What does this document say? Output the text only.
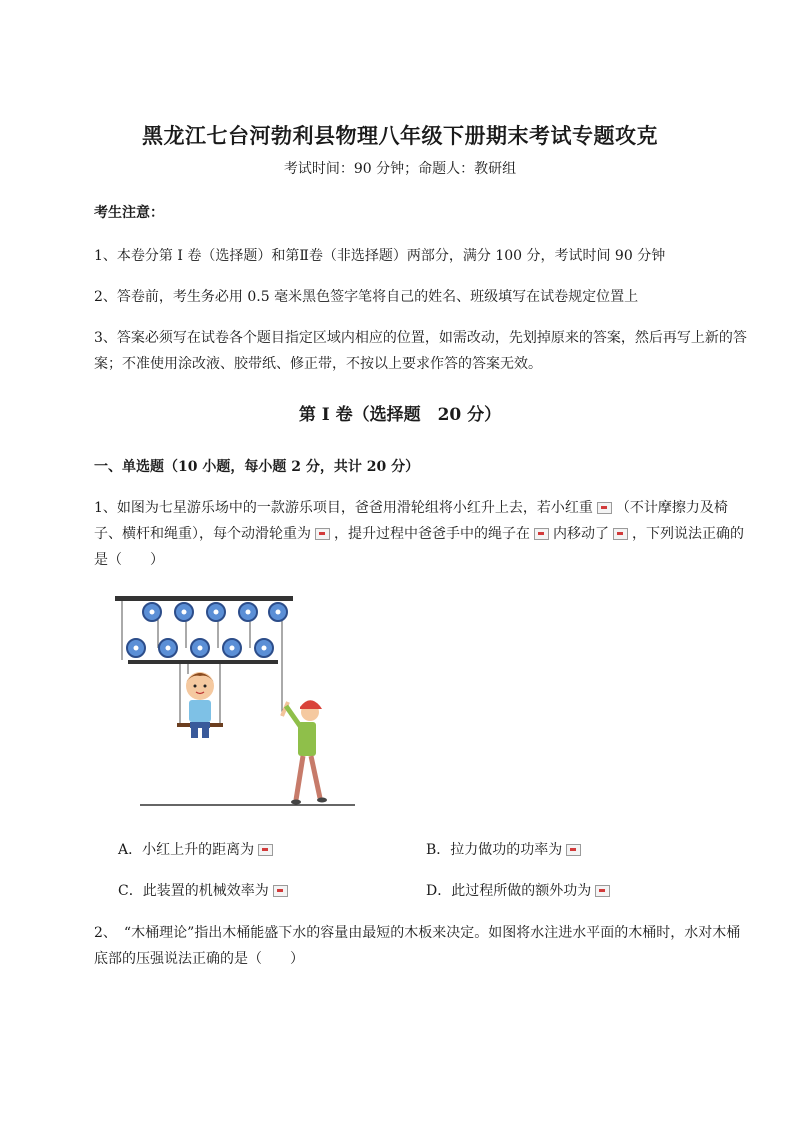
黑龙江七台河勃利县物理八年级下册期末考试专题攻克
考试时间：90 分钟；命题人：教研组
考生注意：
1、本卷分第 I 卷（选择题）和第Ⅱ卷（非选择题）两部分，满分 100 分，考试时间 90 分钟
2、答卷前，考生务必用 0.5 毫米黑色签字笔将自己的姓名、班级填写在试卷规定位置上
3、答案必须写在试卷各个题目指定区域内相应的位置，如需改动，先划掉原来的答案，然后再写上新的答案；不准使用涂改液、胶带纸、修正带，不按以上要求作答的答案无效。
第 I 卷（选择题　20 分）
一、单选题（10 小题，每小题 2 分，共计 20 分）
1、如图为七星游乐场中的一款游乐项目，爸爸用滑轮组将小红升上去，若小红重 （不计摩擦力及椅子、横杆和绳重），每个动滑轮重为 ，提升过程中爸爸手中的绳子在 内移动了 ，下列说法正确的是（　　）
A．小红上升的距离为	B．拉力做功的功率为
C．此装置的机械效率为	D．此过程所做的额外功为
2、　“木桶理论”指出木桶能盛下水的容量由最短的木板来决定。如图将水注进水平面的木桶时，水对木桶底部的压强说法正确的是（　　）
